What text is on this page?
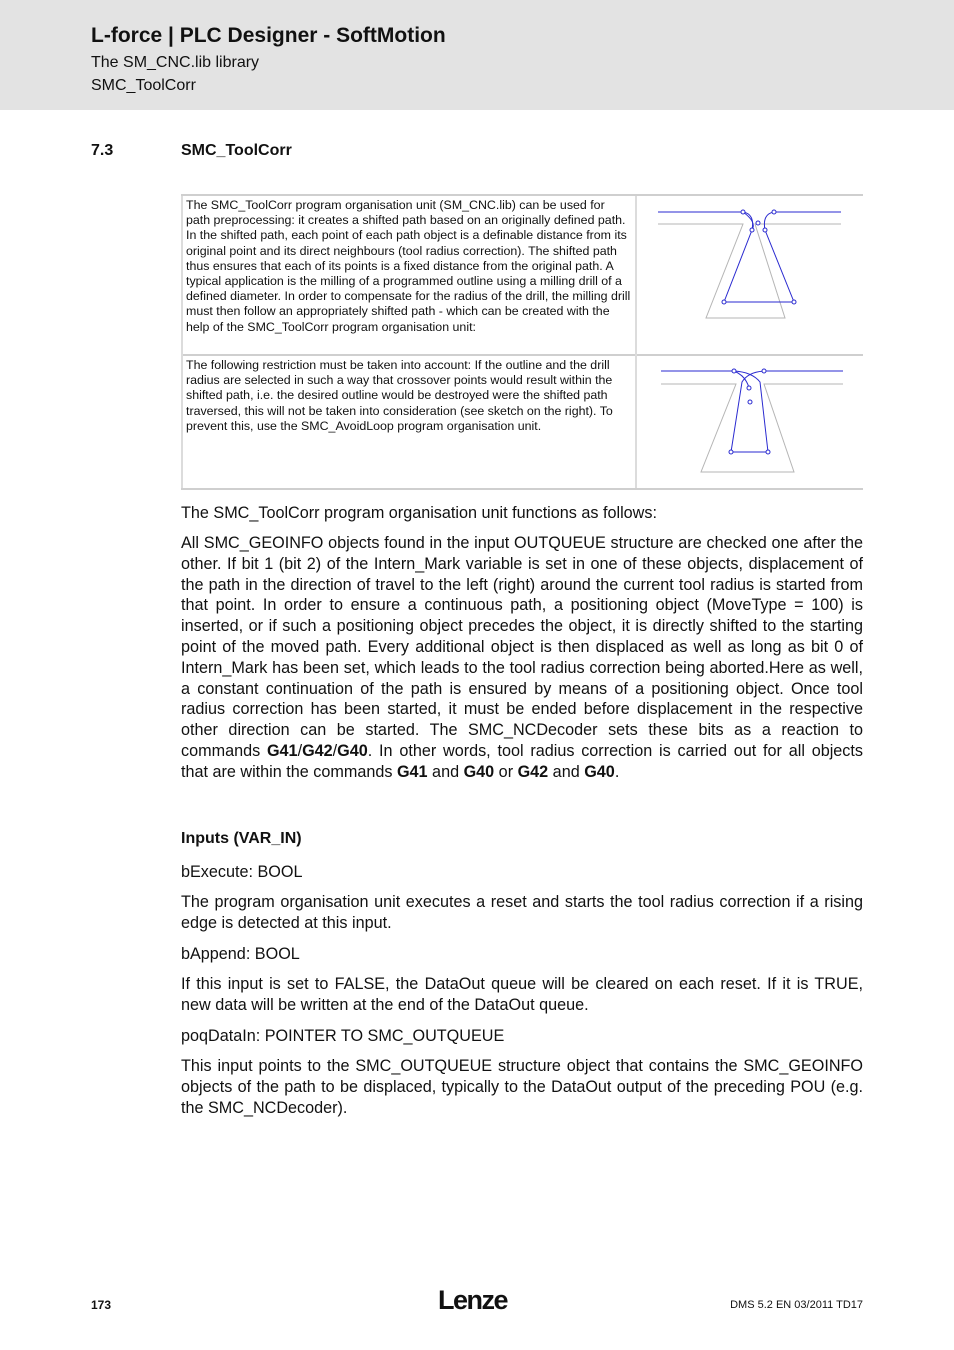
L-force | PLC Designer - SoftMotion
The SM_CNC.lib library
SMC_ToolCorr
7.3	SMC_ToolCorr
The SMC_ToolCorr program organisation unit (SM_CNC.lib) can be used for path preprocessing: it creates a shifted path based on an originally defined path. In the shifted path, each point of each path object is a definable distance from its original point and its direct neighbours (tool radius correction). The shifted path thus ensures that each of its points is a fixed distance from the original path. A typical application is the milling of a programmed outline using a milling drill of a defined diameter. In order to compensate for the radius of the drill, the milling drill must then follow an appropriately shifted path - which can be created with the help of the SMC_ToolCorr program organisation unit:
The following restriction must be taken into account: If the outline and the drill radius are selected in such a way that crossover points would result within the shifted path, i.e. the desired outline would be destroyed were the shifted path traversed, this will not be taken into consideration (see sketch on the right). To prevent this, use the SMC_AvoidLoop program organisation unit.
The SMC_ToolCorr program organisation unit functions as follows:
All SMC_GEOINFO objects found in the input OUTQUEUE structure are checked one after the other. If bit 1 (bit 2) of the Intern_Mark variable is set in one of these objects, displacement of the path in the direction of travel to the left (right) around the current tool radius is started from that point. In order to ensure a continuous path, a positioning object (MoveType = 100) is inserted, or if such a positioning object precedes the object, it is directly shifted to the starting point of the moved path. Every additional object is then displaced as well as long as bit 0 of Intern_Mark has been set, which leads to the tool radius correction being aborted.Here as well, a constant continuation of the path is ensured by means of a positioning object. Once tool radius correction has been started, it must be ended before displacement in the respective other direction can be started. The SMC_NCDecoder sets these bits as a reaction to commands G41/G42/G40. In other words, tool radius correction is carried out for all objects that are within the commands G41 and G40 or G42 and G40.
Inputs (VAR_IN)
bExecute: BOOL
The program organisation unit executes a reset and starts the tool radius correction if a rising edge is detected at this input.
bAppend: BOOL
If this input is set to FALSE, the DataOut queue will be cleared on each reset. If it is TRUE, new data will be written at the end of the DataOut queue.
poqDataIn: POINTER TO SMC_OUTQUEUE
This input points to the SMC_OUTQUEUE structure object that contains the SMC_GEOINFO objects of the path to be displaced, typically to the DataOut output of the preceding POU (e.g. the SMC_NCDecoder).
173	Lenze	DMS 5.2 EN 03/2011 TD17
